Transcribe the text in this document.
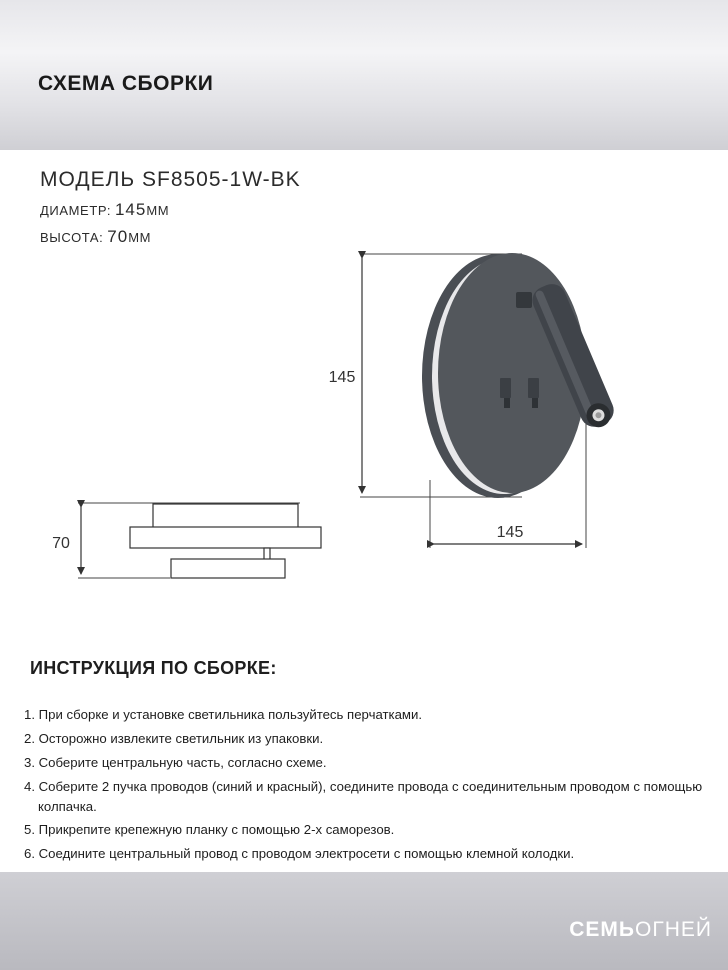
СХЕМА СБОРКИ
МОДЕЛЬ SF8505-1W-BK
ДИАМЕТР: 145ММ
ВЫСОТА: 70ММ
145
145
70
ИНСТРУКЦИЯ ПО СБОРКЕ:
1. При сборке и установке светильника пользуйтесь перчатками.
2. Осторожно извлеките светильник из упаковки.
3. Соберите центральную часть, согласно схеме.
4. Соберите 2 пучка проводов (синий и красный), соедините провода с соединительным проводом с помощью колпачка.
5. Прикрепите крепежную планку с помощью 2-х саморезов.
6. Соедините центральный провод с проводом электросети с помощью клемной колодки.
СЕМЬОГНЕЙ
